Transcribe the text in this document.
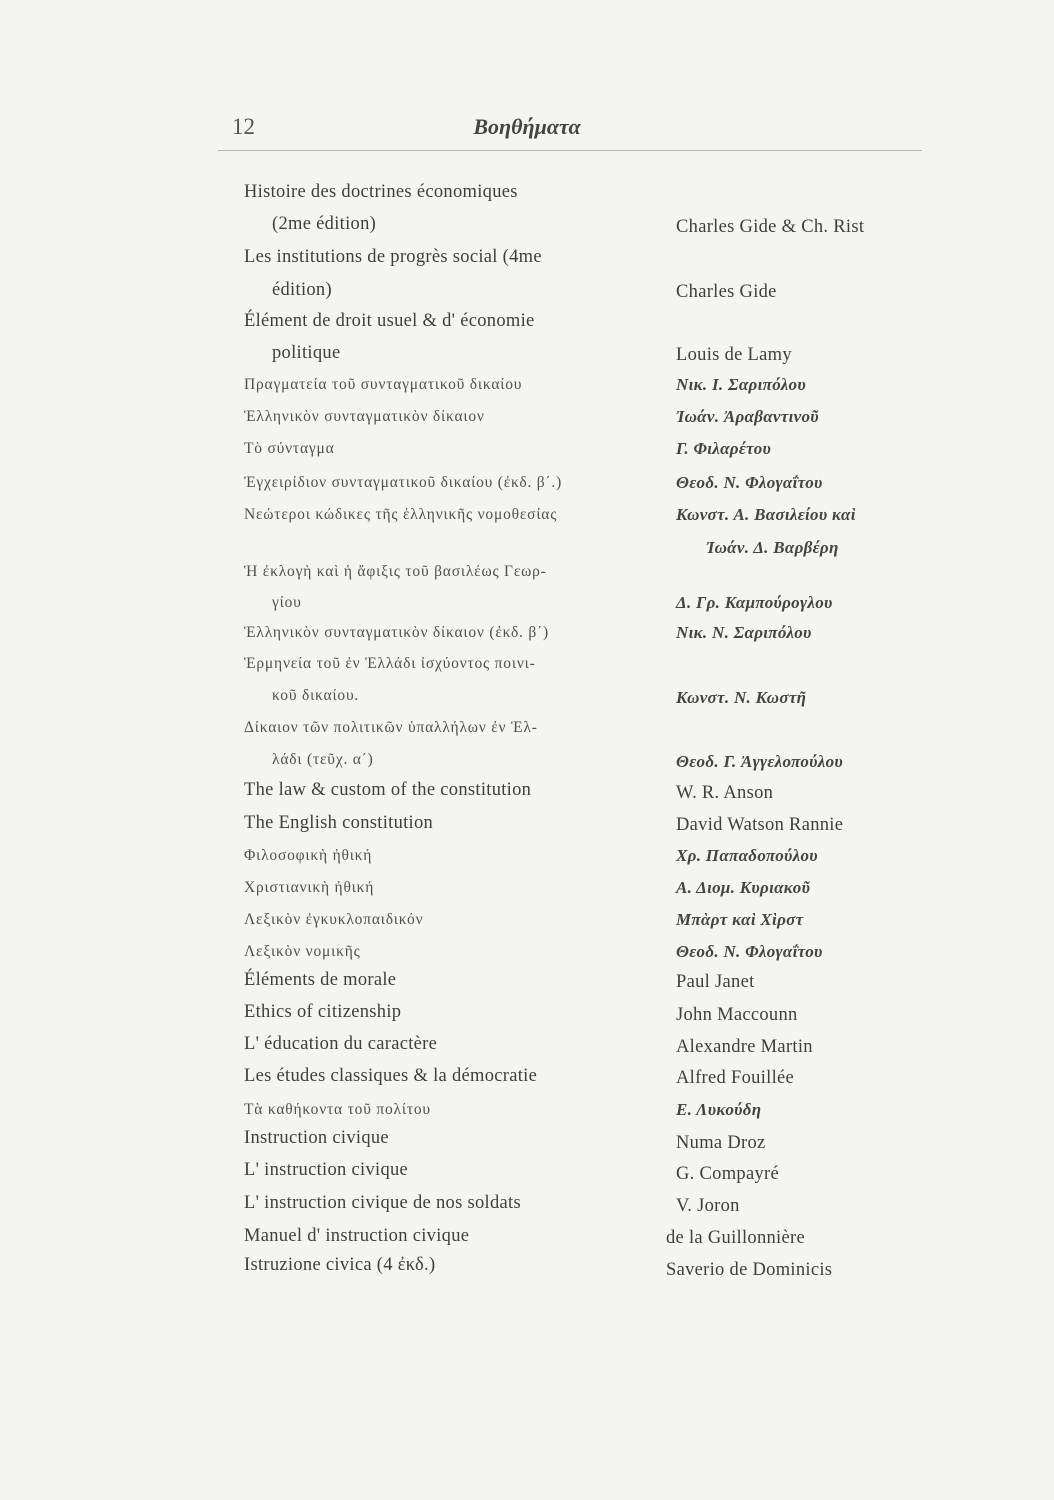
12	Βοηθήματα
Histoire des doctrines économiques
(2me édition)	Charles Gide & Ch. Rist
Les institutions de progrès social (4me
édition)	Charles Gide
Élément de droit usuel & d' économie
politique	Louis de Lamy
Πραγματεία τοῦ συνταγματικοῦ δικαίου	Νικ. Ι. Σαριπόλου
Ἑλληνικὸν συνταγματικὸν δίκαιον	Ἰωάν. Ἀραβαντινοῦ
Τὸ σύνταγμα	Γ. Φιλαρέτου
Ἐγχειρίδιον συνταγματικοῦ δικαίου (ἐκδ. β΄.)	Θεοδ. Ν. Φλογαΐτου
Νεώτεροι κώδικες τῆς ἑλληνικῆς νομοθεσίας	Κωνστ. Α. Βασιλείου καὶ
Ἰωάν. Δ. Βαρβέρη
Ἡ ἐκλογὴ καὶ ἡ ἄφιξις τοῦ βασιλέως Γεωρ-
γίου	Δ. Γρ. Καμπούρογλου
Ἑλληνικὸν συνταγματικὸν δίκαιον (ἐκδ. β΄)	Νικ. Ν. Σαριπόλου
Ἑρμηνεία τοῦ ἐν Ἑλλάδι ἰσχύοντος ποινι-
κοῦ δικαίου.	Κωνστ. Ν. Κωστῆ
Δίκαιον τῶν πολιτικῶν ὑπαλλήλων ἐν Ἑλ-
λάδι (τεῦχ. α΄)	Θεοδ. Γ. Ἀγγελοπούλου
The law & custom of the constitution	W. R. Anson
The English constitution	David Watson Rannie
Φιλοσοφικὴ ἠθική	Χρ. Παπαδοπούλου
Χριστιανικὴ ἠθική	Α. Διομ. Κυριακοῦ
Λεξικὸν ἐγκυκλοπαιδικόν	Μπὰρτ καὶ Χὶρστ
Λεξικὸν νομικῆς	Θεοδ. Ν. Φλογαΐτου
Éléments de morale	Paul Janet
Ethics of citizenship	John Maccounn
L' éducation du caractère	Alexandre Martin
Les études classiques & la démocratie	Alfred Fouillée
Τὰ καθήκοντα τοῦ πολίτου	Ε. Λυκούδη
Instruction civique	Numa Droz
L' instruction civique	G. Compayré
L' instruction civique de nos soldats	V. Joron
Manuel d' instruction civique	de la Guillonnière
Istruzione civica (4 ἐκδ.)	Saverio de Dominicis
